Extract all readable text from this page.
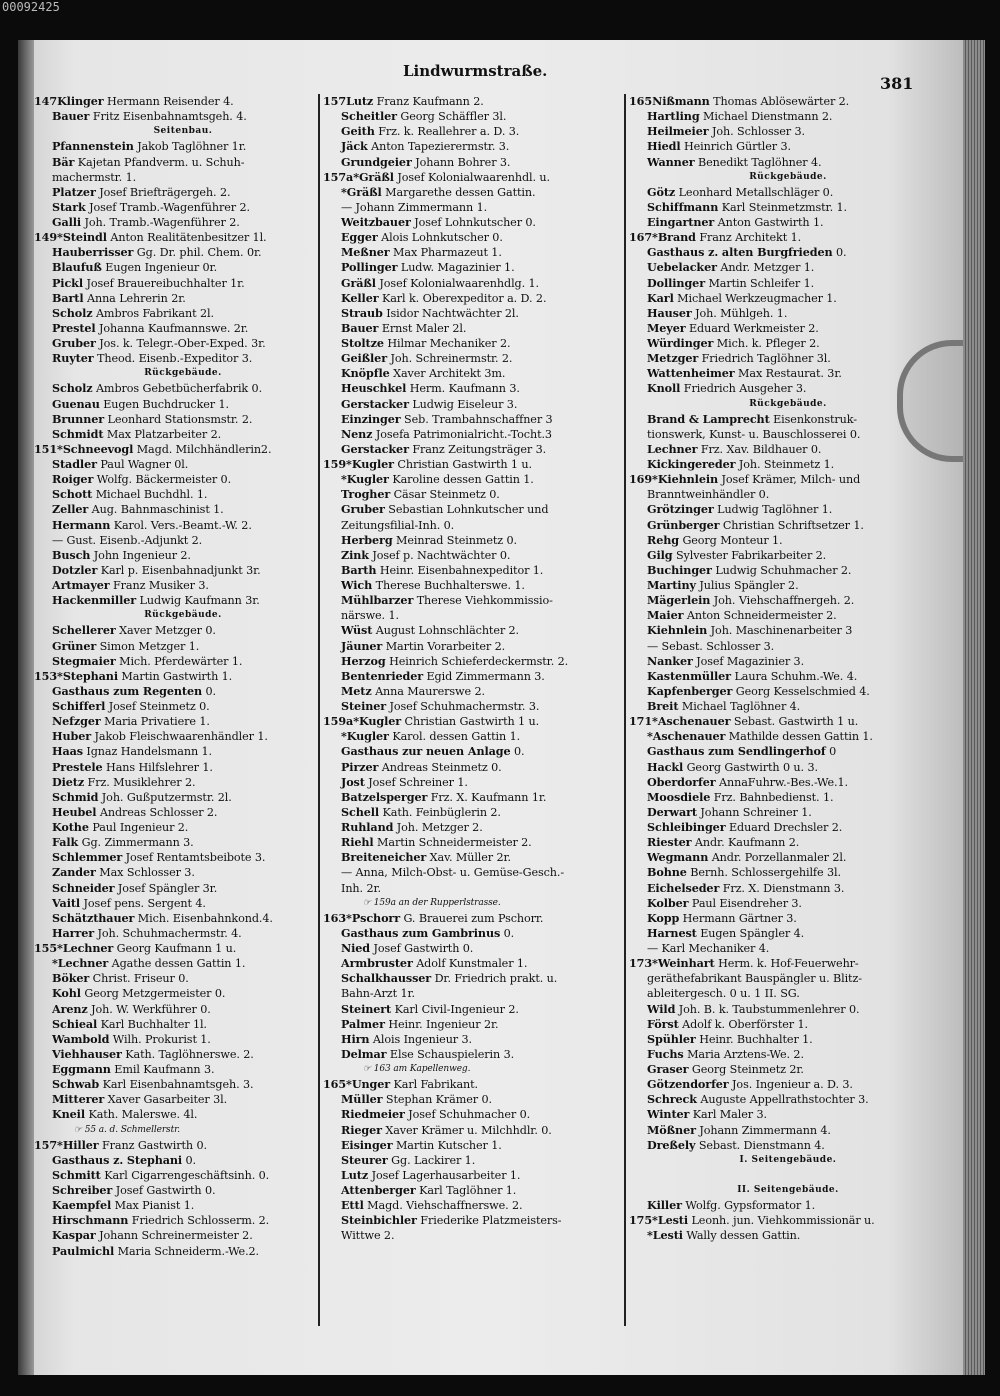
Lindwurmstraße.
381
147Klinger Hermann Reisender 4.
Bauer Fritz Eisenbahnamtsgeh. 4.
Seitenbau.
Pfannenstein Jakob Taglöhner 1r.
Bär Kajetan Pfandverm. u. Schuh-
machermstr. 1.
Platzer Josef Briefträgergeh. 2.
Stark Josef Tramb.-Wagenführer 2.
Galli Joh. Tramb.-Wagenführer 2.
149*Steindl Anton Realitätenbesitzer 1l.
Hauberrisser Gg. Dr. phil. Chem. 0r.
Blaufuß Eugen Ingenieur 0r.
Pickl Josef Brauereibuchhalter 1r.
Bartl Anna Lehrerin 2r.
Scholz Ambros Fabrikant 2l.
Prestel Johanna Kaufmannswe. 2r.
Gruber Jos. k. Telegr.-Ober-Exped. 3r.
Ruyter Theod. Eisenb.-Expeditor 3.
Rückgebäude.
Scholz Ambros Gebetbücherfabrik 0.
Guenau Eugen Buchdrucker 1.
Brunner Leonhard Stationsmstr. 2.
Schmidt Max Platzarbeiter 2.
151*Schneevogl Magd. Milchhändlerin2.
Stadler Paul Wagner 0l.
Roiger Wolfg. Bäckermeister 0.
Schott Michael Buchdhl. 1.
Zeller Aug. Bahnmaschinist 1.
Hermann Karol. Vers.-Beamt.-W. 2.
— Gust. Eisenb.-Adjunkt 2.
Busch John Ingenieur 2.
Dotzler Karl p. Eisenbahnadjunkt 3r.
Artmayer Franz Musiker 3.
Hackenmiller Ludwig Kaufmann 3r.
Rückgebäude.
Schellerer Xaver Metzger 0.
Grüner Simon Metzger 1.
Stegmaier Mich. Pferdewärter 1.
153*Stephani Martin Gastwirth 1.
Gasthaus zum Regenten 0.
Schifferl Josef Steinmetz 0.
Nefzger Maria Privatiere 1.
Huber Jakob Fleischwaarenhändler 1.
Haas Ignaz Handelsmann 1.
Prestele Hans Hilfslehrer 1.
Dietz Frz. Musiklehrer 2.
Schmid Joh. Gußputzermstr. 2l.
Heubel Andreas Schlosser 2.
Kothe Paul Ingenieur 2.
Falk Gg. Zimmermann 3.
Schlemmer Josef Rentamtsbeibote 3.
Zander Max Schlosser 3.
Schneider Josef Spängler 3r.
Vaitl Josef pens. Sergent 4.
Schätzthauer Mich. Eisenbahnkond.4.
Harrer Joh. Schuhmachermstr. 4.
155*Lechner Georg Kaufmann 1 u.
*Lechner Agathe dessen Gattin 1.
Böker Christ. Friseur 0.
Kohl Georg Metzgermeister 0.
Arenz Joh. W. Werkführer 0.
Schieal Karl Buchhalter 1l.
Wambold Wilh. Prokurist 1.
Viehhauser Kath. Taglöhnerswe. 2.
Eggmann Emil Kaufmann 3.
Schwab Karl Eisenbahnamtsgeh. 3.
Mitterer Xaver Gasarbeiter 3l.
Kneil Kath. Malerswe. 4l.
☞ 55 a. d. Schmellerstr.
157*Hiller Franz Gastwirth 0.
Gasthaus z. Stephani 0.
Schmitt Karl Cigarrengeschäftsinh. 0.
Schreiber Josef Gastwirth 0.
Kaempfel Max Pianist 1.
Hirschmann Friedrich Schlosserm. 2.
Kaspar Johann Schreinermeister 2.
Paulmichl Maria Schneiderm.-We.2.
157Lutz Franz Kaufmann 2.
Scheitler Georg Schäffler 3l.
Geith Frz. k. Reallehrer a. D. 3.
Jäck Anton Tapezierermstr. 3.
Grundgeier Johann Bohrer 3.
157a*Gräßl Josef Kolonialwaarenhdl. u.
*Gräßl Margarethe dessen Gattin.
— Johann Zimmermann 1.
Weitzbauer Josef Lohnkutscher 0.
Egger Alois Lohnkutscher 0.
Meßner Max Pharmazeut 1.
Pollinger Ludw. Magazinier 1.
Gräßl Josef Kolonialwaarenhdlg. 1.
Keller Karl k. Oberexpeditor a. D. 2.
Straub Isidor Nachtwächter 2l.
Bauer Ernst Maler 2l.
Stoltze Hilmar Mechaniker 2.
Geißler Joh. Schreinermstr. 2.
Knöpfle Xaver Architekt 3m.
Heuschkel Herm. Kaufmann 3.
Gerstacker Ludwig Eiseleur 3.
Einzinger Seb. Trambahnschaffner 3
Nenz Josefa Patrimonialricht.-Tocht.3
Gerstacker Franz Zeitungsträger 3.
159*Kugler Christian Gastwirth 1 u.
*Kugler Karoline dessen Gattin 1.
Trogher Cäsar Steinmetz 0.
Gruber Sebastian Lohnkutscher und
Zeitungsfilial-Inh. 0.
Herberg Meinrad Steinmetz 0.
Zink Josef p. Nachtwächter 0.
Barth Heinr. Eisenbahnexpeditor 1.
Wich Therese Buchhalterswe. 1.
Mühlbarzer Therese Viehkommissio-
närswe. 1.
Wüst August Lohnschlächter 2.
Jäuner Martin Vorarbeiter 2.
Herzog Heinrich Schieferdeckermstr. 2.
Bentenrieder Egid Zimmermann 3.
Metz Anna Maurerswe 2.
Steiner Josef Schuhmachermstr. 3.
159a*Kugler Christian Gastwirth 1 u.
*Kugler Karol. dessen Gattin 1.
Gasthaus zur neuen Anlage 0.
Pirzer Andreas Steinmetz 0.
Jost Josef Schreiner 1.
Batzelsperger Frz. X. Kaufmann 1r.
Schell Kath. Feinbüglerin 2.
Ruhland Joh. Metzger 2.
Riehl Martin Schneidermeister 2.
Breiteneicher Xav. Müller 2r.
— Anna, Milch-Obst- u. Gemüse-Gesch.-
Inh. 2r.
☞ 159a an der Rupperlstrasse.
163*Pschorr G. Brauerei zum Pschorr.
Gasthaus zum Gambrinus 0.
Nied Josef Gastwirth 0.
Armbruster Adolf Kunstmaler 1.
Schalkhausser Dr. Friedrich prakt. u.
Bahn-Arzt 1r.
Steinert Karl Civil-Ingenieur 2.
Palmer Heinr. Ingenieur 2r.
Hirn Alois Ingenieur 3.
Delmar Else Schauspielerin 3.
☞ 163 am Kapellenweg.
165*Unger Karl Fabrikant.
Müller Stephan Krämer 0.
Riedmeier Josef Schuhmacher 0.
Rieger Xaver Krämer u. Milchhdlr. 0.
Eisinger Martin Kutscher 1.
Steurer Gg. Lackirer 1.
Lutz Josef Lagerhausarbeiter 1.
Attenberger Karl Taglöhner 1.
Ettl Magd. Viehschaffnerswe. 2.
Steinbichler Friederike Platzmeisters-
Wittwe 2.
165Nißmann Thomas Ablösewärter 2.
Hartling Michael Dienstmann 2.
Heilmeier Joh. Schlosser 3.
Hiedl Heinrich Gürtler 3.
Wanner Benedikt Taglöhner 4.
Rückgebäude.
Götz Leonhard Metallschläger 0.
Schiffmann Karl Steinmetzmstr. 1.
Eingartner Anton Gastwirth 1.
167*Brand Franz Architekt 1.
Gasthaus z. alten Burgfrieden 0.
Uebelacker Andr. Metzger 1.
Dollinger Martin Schleifer 1.
Karl Michael Werkzeugmacher 1.
Hauser Joh. Mühlgeh. 1.
Meyer Eduard Werkmeister 2.
Würdinger Mich. k. Pfleger 2.
Metzger Friedrich Taglöhner 3l.
Wattenheimer Max Restaurat. 3r.
Knoll Friedrich Ausgeher 3.
Rückgebäude.
Brand & Lamprecht Eisenkonstruk-
tionswerk, Kunst- u. Bauschlosserei 0.
Lechner Frz. Xav. Bildhauer 0.
Kickingereder Joh. Steinmetz 1.
169*Kiehnlein Josef Krämer, Milch- und
Branntweinhändler 0.
Grötzinger Ludwig Taglöhner 1.
Grünberger Christian Schriftsetzer 1.
Rehg Georg Monteur 1.
Gilg Sylvester Fabrikarbeiter 2.
Buchinger Ludwig Schuhmacher 2.
Martiny Julius Spängler 2.
Mägerlein Joh. Viehschaffnergeh. 2.
Maier Anton Schneidermeister 2.
Kiehnlein Joh. Maschinenarbeiter 3
— Sebast. Schlosser 3.
Nanker Josef Magazinier 3.
Kastenmüller Laura Schuhm.-We. 4.
Kapfenberger Georg Kesselschmied 4.
Breit Michael Taglöhner 4.
171*Aschenauer Sebast. Gastwirth 1 u.
*Aschenauer Mathilde dessen Gattin 1.
Gasthaus zum Sendlingerhof 0
Hackl Georg Gastwirth 0 u. 3.
Oberdorfer AnnaFuhrw.-Bes.-We.1.
Moosdiele Frz. Bahnbedienst. 1.
Derwart Johann Schreiner 1.
Schleibinger Eduard Drechsler 2.
Riester Andr. Kaufmann 2.
Wegmann Andr. Porzellanmaler 2l.
Bohne Bernh. Schlossergehilfe 3l.
Eichelseder Frz. X. Dienstmann 3.
Kolber Paul Eisendreher 3.
Kopp Hermann Gärtner 3.
Harnest Eugen Spängler 4.
— Karl Mechaniker 4.
173*Weinhart Herm. k. Hof-Feuerwehr-
geräthefabrikant Bauspängler u. Blitz-
ableitergesch. 0 u. 1 II. SG.
Wild Joh. B. k. Taubstummenlehrer 0.
Först Adolf k. Oberförster 1.
Spühler Heinr. Buchhalter 1.
Fuchs Maria Arztens-We. 2.
Graser Georg Steinmetz 2r.
Götzendorfer Jos. Ingenieur a. D. 3.
Schreck Auguste Appellrathstochter 3.
Winter Karl Maler 3.
Mößner Johann Zimmermann 4.
Dreßely Sebast. Dienstmann 4.
I. Seitengebäude.

II. Seitengebäude.
Killer Wolfg. Gypsformator 1.
175*Lesti Leonh. jun. Viehkommissionär u.
*Lesti Wally dessen Gattin.
00092425
